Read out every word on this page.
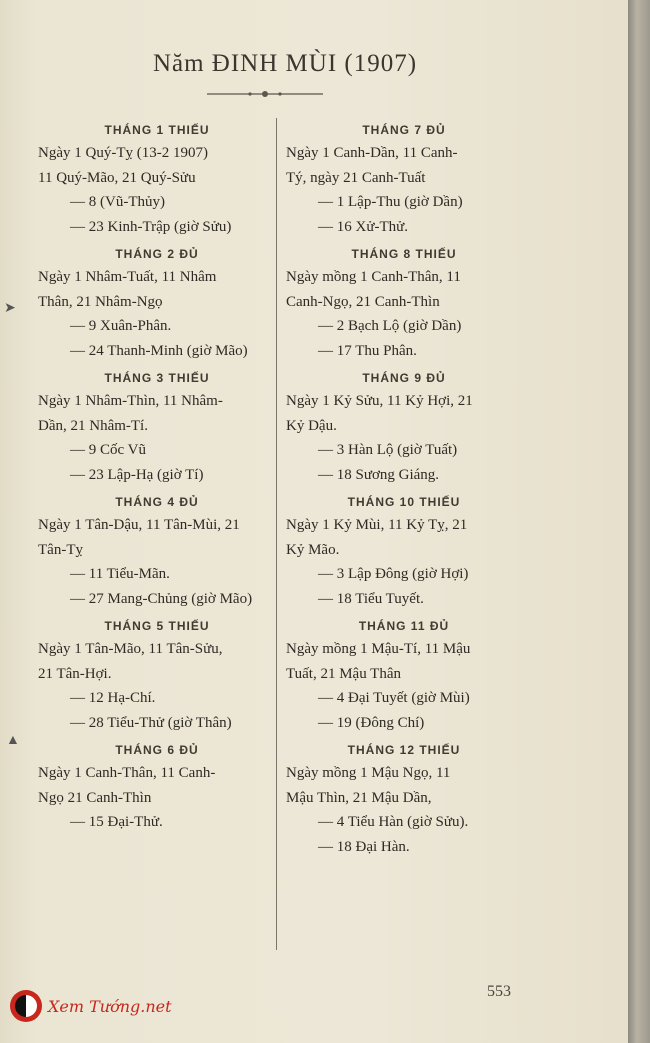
Năm ĐINH MÙI (1907)
➤
▲
THÁNG 1 THIẾU
Ngày 1 Quý-Tỵ (13-2 1907)
11 Quý-Mão, 21 Quý-Sửu
— 8 (Vũ-Thủy)
— 23 Kinh-Trập (giờ Sửu)
THÁNG 2 ĐỦ
Ngày 1 Nhâm-Tuất, 11 Nhâm
Thân, 21 Nhâm-Ngọ
— 9 Xuân-Phân.
— 24 Thanh-Minh (giờ Mão)
THÁNG 3 THIẾU
Ngày 1 Nhâm-Thìn, 11 Nhâm-
Dần, 21 Nhâm-Tí.
— 9 Cốc Vũ
— 23 Lập-Hạ (giờ Tí)
THÁNG 4 ĐỦ
Ngày 1 Tân-Dậu, 11 Tân-Mùi, 21
Tân-Tỵ
— 11 Tiểu-Mãn.
— 27 Mang-Chủng (giờ Mão)
THÁNG 5 THIẾU
Ngày 1 Tân-Mão, 11 Tân-Sửu,
21 Tân-Hợi.
— 12 Hạ-Chí.
— 28 Tiểu-Thử (giờ Thân)
THÁNG 6 ĐỦ
Ngày 1 Canh-Thân, 11 Canh-
Ngọ 21 Canh-Thìn
— 15 Đại-Thử.
THÁNG 7 ĐỦ
Ngày 1 Canh-Dần, 11 Canh-
Tý, ngày 21 Canh-Tuất
— 1 Lập-Thu (giờ Dần)
— 16 Xử-Thử.
THÁNG 8 THIẾU
Ngày mồng 1 Canh-Thân, 11
Canh-Ngọ, 21 Canh-Thìn
— 2 Bạch Lộ (giờ Dần)
— 17 Thu Phân.
THÁNG 9 ĐỦ
Ngày 1 Kỷ Sửu, 11 Kỷ Hợi, 21
Kỷ Dậu.
— 3 Hàn Lộ (giờ Tuất)
— 18 Sương Giáng.
THÁNG 10 THIẾU
Ngày 1 Kỷ Mùi, 11 Kỷ Tỵ, 21
Kỷ Mão.
— 3 Lập Đông (giờ Hợi)
— 18 Tiểu Tuyết.
THÁNG 11 ĐỦ
Ngày mồng 1 Mậu-Tí, 11 Mậu
Tuất, 21 Mậu Thân
— 4 Đại Tuyết (giờ Mùi)
— 19 (Đông Chí)
THÁNG 12 THIẾU
Ngày mồng 1 Mậu Ngọ, 11
Mậu Thìn, 21 Mậu Dần,
— 4 Tiểu Hàn (giờ Sửu).
— 18 Đại Hàn.
553
Xem Tướng.net
